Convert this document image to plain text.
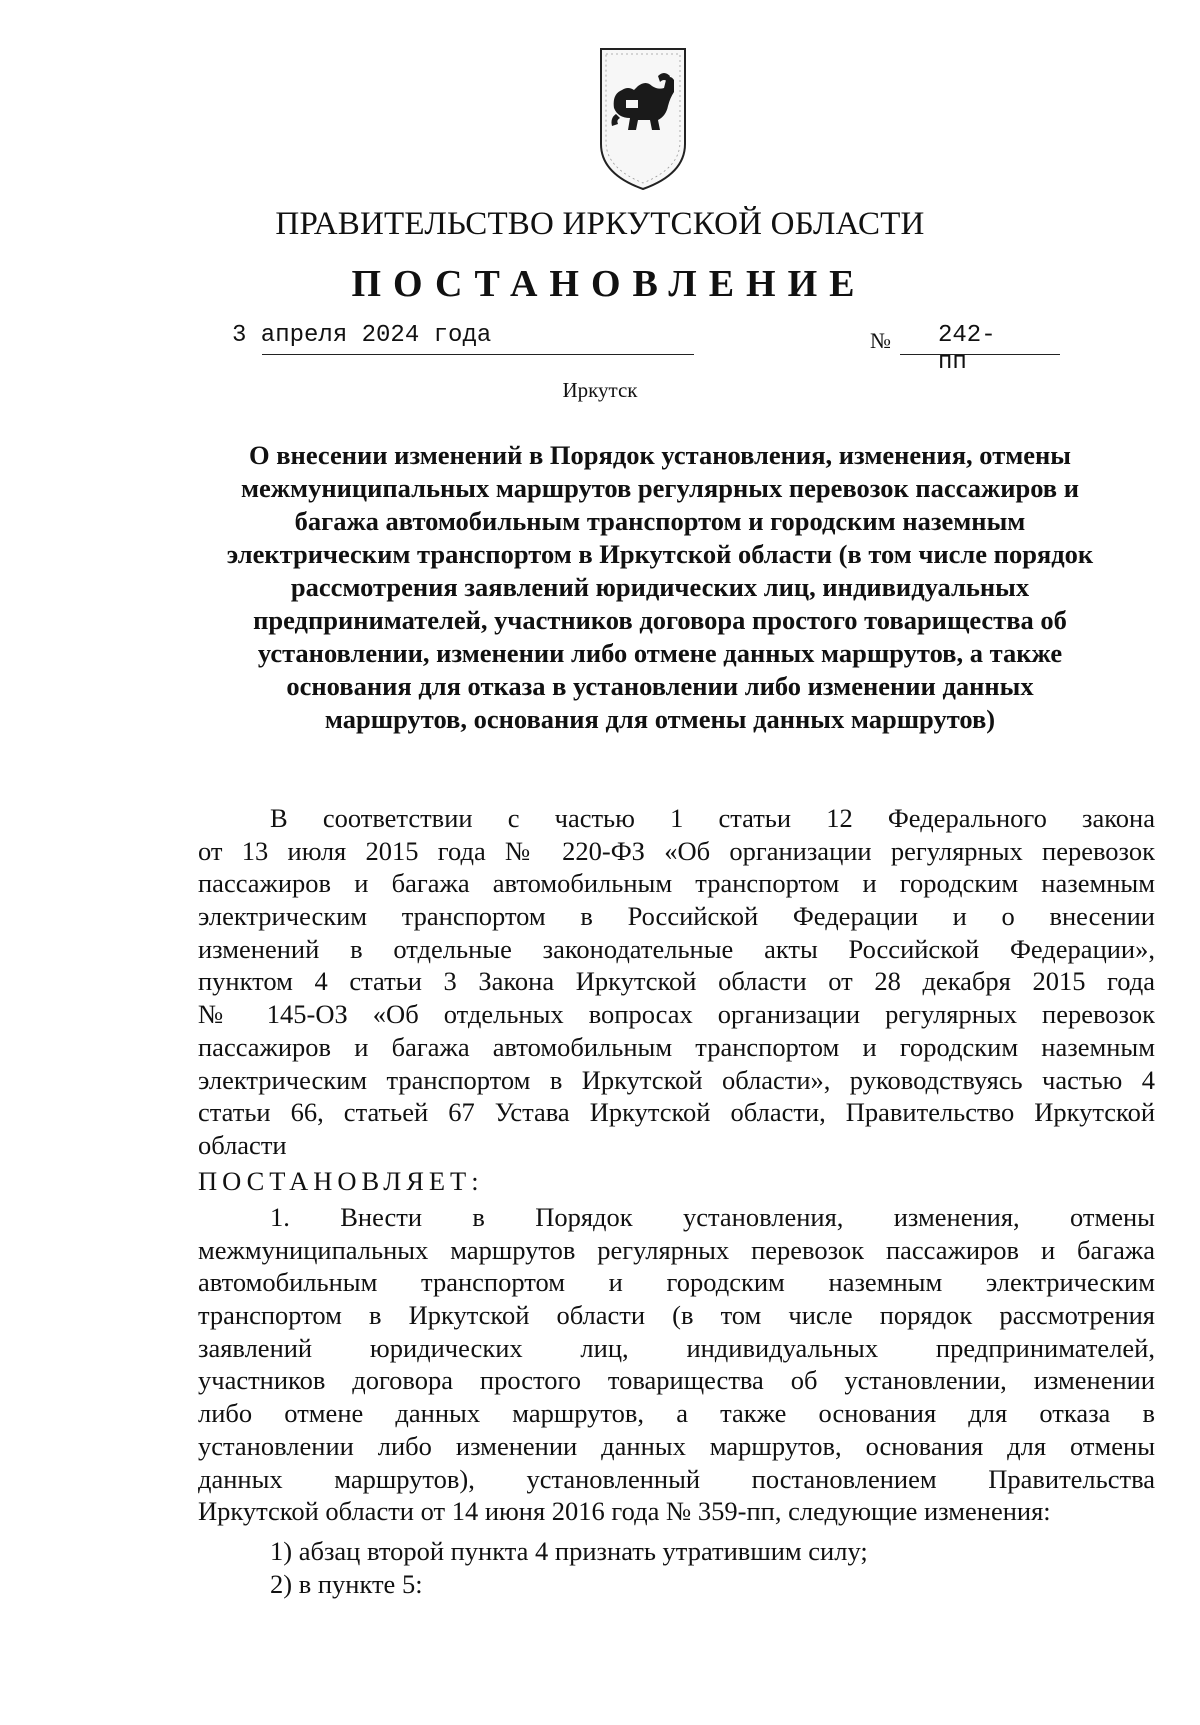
ПРАВИТЕЛЬСТВО ИРКУТСКОЙ ОБЛАСТИ
ПОСТАНОВЛЕНИЕ
3 апреля 2024 года	№ 242-пп
Иркутск
О внесении изменений в Порядок установления, изменения, отмены
межмуниципальных маршрутов регулярных перевозок пассажиров и
багажа автомобильным транспортом и городским наземным
электрическим транспортом в Иркутской области (в том числе порядок
рассмотрения заявлений юридических лиц, индивидуальных
предпринимателей, участников договора простого товарищества об
установлении, изменении либо отмене данных маршрутов, а также
основания для отказа в установлении либо изменении данных
маршрутов, основания для отмены данных маршрутов)
В соответствии с частью 1 статьи 12 Федерального закона
от 13 июля 2015 года № 220-ФЗ «Об организации регулярных перевозок
пассажиров и багажа автомобильным транспортом и городским наземным
электрическим транспортом в Российской Федерации и о внесении
изменений в отдельные законодательные акты Российской Федерации»,
пунктом 4 статьи 3 Закона Иркутской области от 28 декабря 2015 года
№ 145-ОЗ «Об отдельных вопросах организации регулярных перевозок
пассажиров и багажа автомобильным транспортом и городским наземным
электрическим транспортом в Иркутской области», руководствуясь частью 4
статьи 66, статьей 67 Устава Иркутской области, Правительство Иркутской
области
ПОСТАНОВЛЯЕТ:
1. Внести в Порядок установления, изменения, отмены
межмуниципальных маршрутов регулярных перевозок пассажиров и багажа
автомобильным транспортом и городским наземным электрическим
транспортом в Иркутской области (в том числе порядок рассмотрения
заявлений юридических лиц, индивидуальных предпринимателей,
участников договора простого товарищества об установлении, изменении
либо отмене данных маршрутов, а также основания для отказа в
установлении либо изменении данных маршрутов, основания для отмены
данных маршрутов), установленный постановлением Правительства
Иркутской области от 14 июня 2016 года № 359-пп, следующие изменения:
1) абзац второй пункта 4 признать утратившим силу;
2) в пункте 5:
